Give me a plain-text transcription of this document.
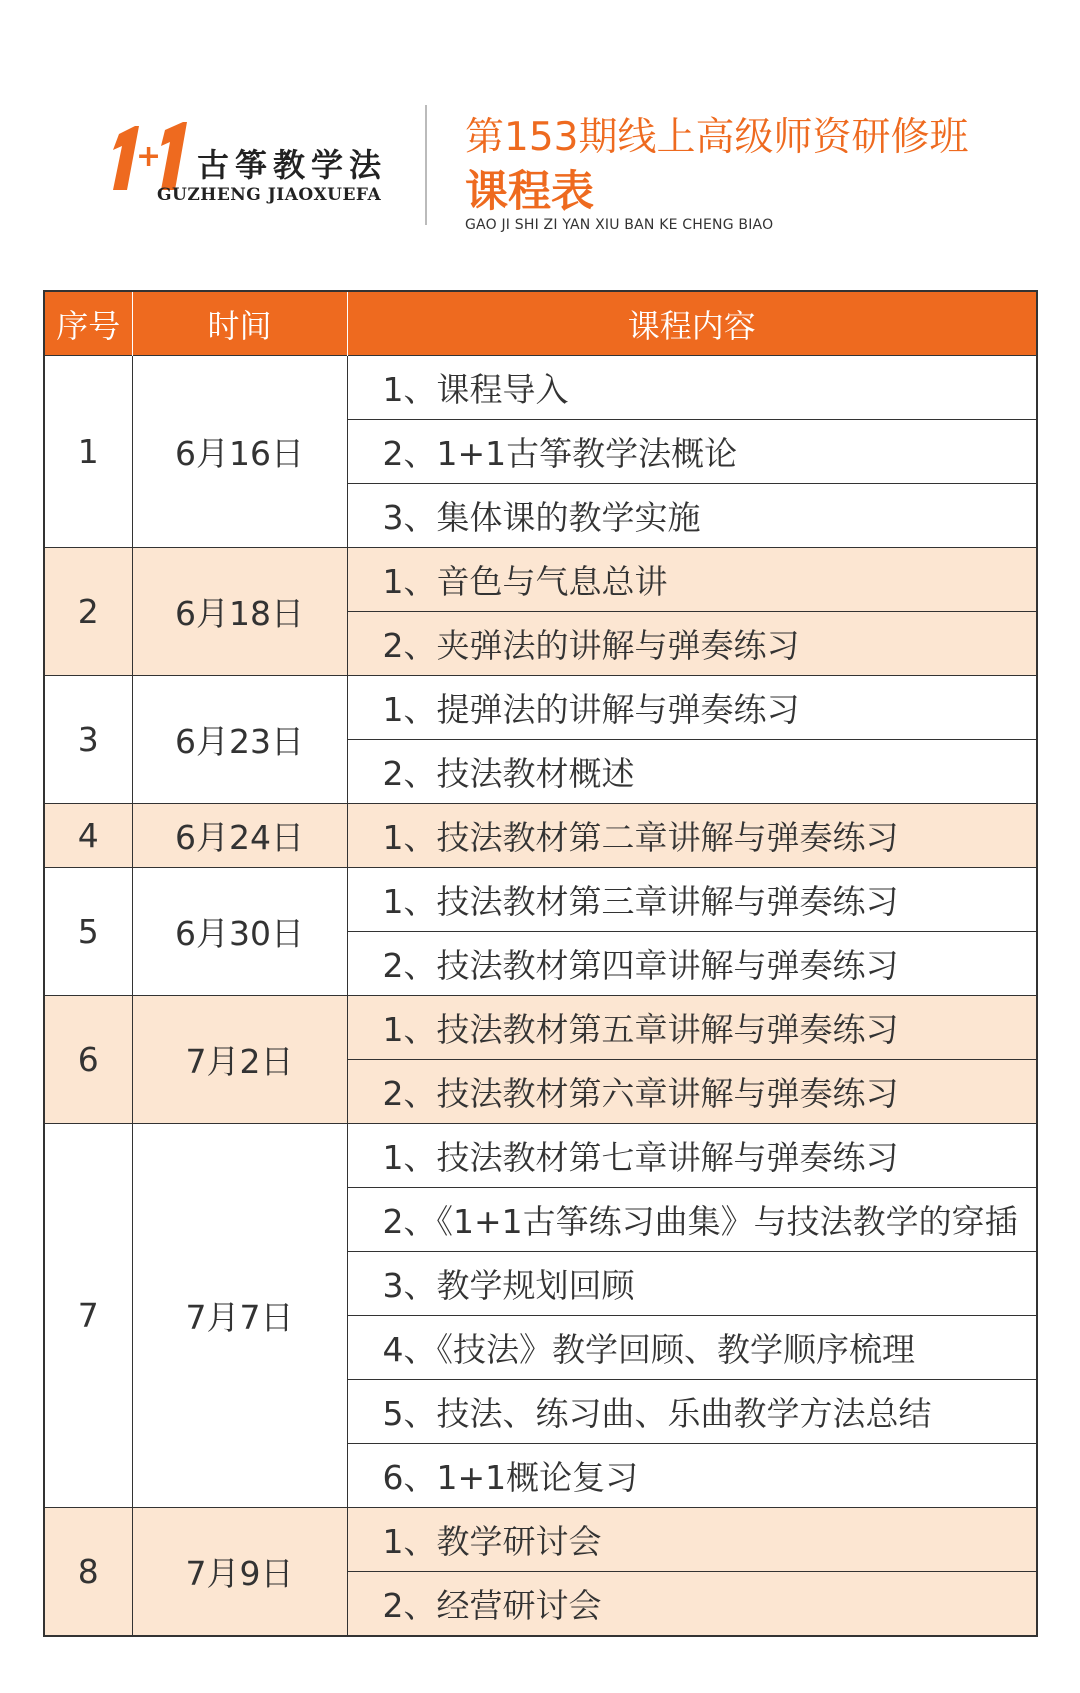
+ 古筝教学法
GUZHENG JIAOXUEFA
第153期线上高级师资研修班
课程表
GAO JI SHI ZI YAN XIU BAN KE CHENG BIAO
序号	时间	课程内容
1	6月16日	1、课程导入
		2、1+1古筝教学法概论
		3、集体课的教学实施
2	6月18日	1、音色与气息总讲
		2、夹弹法的讲解与弹奏练习
3	6月23日	1、提弹法的讲解与弹奏练习
		2、技法教材概述
4	6月24日	1、技法教材第二章讲解与弹奏练习
5	6月30日	1、技法教材第三章讲解与弹奏练习
		2、技法教材第四章讲解与弹奏练习
6	7月2日	1、技法教材第五章讲解与弹奏练习
		2、技法教材第六章讲解与弹奏练习
7	7月7日	1、技法教材第七章讲解与弹奏练习
		2、《1+1古筝练习曲集》与技法教学的穿插
		3、教学规划回顾
		4、《技法》教学回顾、教学顺序梳理
		5、技法、练习曲、乐曲教学方法总结
		6、1+1概论复习
8	7月9日	1、教学研讨会
		2、经营研讨会
